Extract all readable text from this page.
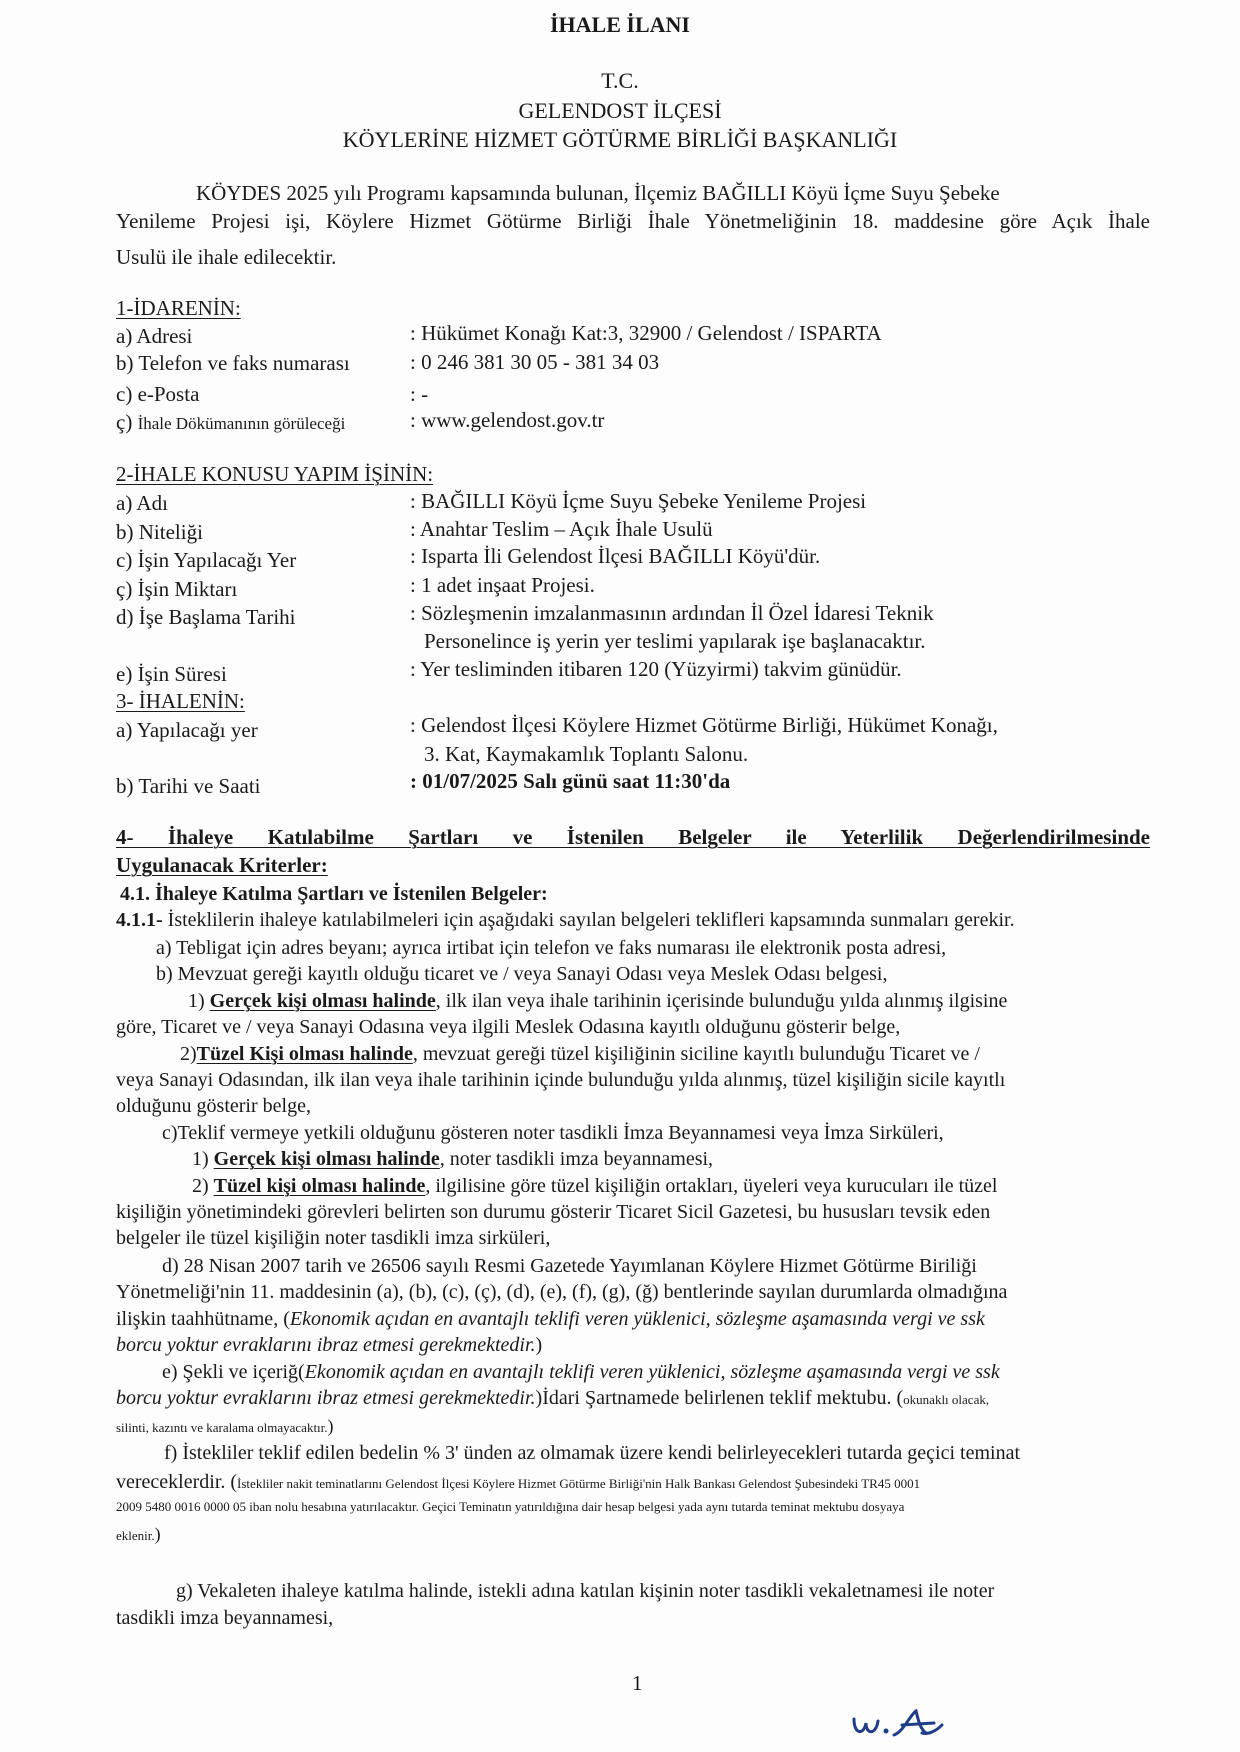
İHALE İLANI
T.C.
GELENDOST İLÇESİ
KÖYLERİNE HİZMET GÖTÜRME BİRLİĞİ BAŞKANLIĞI
KÖYDES 2025 yılı Programı kapsamında bulunan, İlçemiz BAĞILLI Köyü İçme Suyu Şebeke
Yenileme Projesi işi, Köylere Hizmet Götürme Birliği İhale Yönetmeliğinin 18. maddesine göre Açık İhale
Usulü ile ihale edilecektir.
1-İDARENİN:
a) Adresi	: Hükümet Konağı Kat:3, 32900 / Gelendost / ISPARTA
b) Telefon ve faks numarası	: 0 246 381 30 05 - 381 34 03
c) e-Posta	: -
ç) İhale Dökümanının görüleceği	: www.gelendost.gov.tr
2-İHALE KONUSU YAPIM İŞİNİN:
a) Adı	: BAĞILLI Köyü İçme Suyu Şebeke Yenileme Projesi
b) Niteliği	: Anahtar Teslim – Açık İhale Usulü
c) İşin Yapılacağı Yer	: Isparta İli Gelendost İlçesi BAĞILLI Köyü'dür.
ç) İşin Miktarı	: 1 adet inşaat Projesi.
d) İşe Başlama Tarihi	: Sözleşmenin imzalanmasının ardından İl Özel İdaresi Teknik
Personelince iş yerin yer teslimi yapılarak işe başlanacaktır.
e) İşin Süresi	: Yer tesliminden itibaren 120 (Yüzyirmi) takvim günüdür.
3- İHALENİN:
a) Yapılacağı yer	: Gelendost İlçesi Köylere Hizmet Götürme Birliği, Hükümet Konağı,
3. Kat, Kaymakamlık Toplantı Salonu.
b) Tarihi ve Saati	: 01/07/2025 Salı günü saat 11:30'da
4- İhaleye Katılabilme Şartları ve İstenilen Belgeler ile Yeterlilik Değerlendirilmesinde
Uygulanacak Kriterler:
4.1. İhaleye Katılma Şartları ve İstenilen Belgeler:
4.1.1- İsteklilerin ihaleye katılabilmeleri için aşağıdaki sayılan belgeleri teklifleri kapsamında sunmaları gerekir.
a) Tebligat için adres beyanı; ayrıca irtibat için telefon ve faks numarası ile elektronik posta adresi,
b) Mevzuat gereği kayıtlı olduğu ticaret ve / veya Sanayi Odası veya Meslek Odası belgesi,
1) Gerçek kişi olması halinde, ilk ilan veya ihale tarihinin içerisinde bulunduğu yılda alınmış ilgisine
göre, Ticaret ve / veya Sanayi Odasına veya ilgili Meslek Odasına kayıtlı olduğunu gösterir belge,
2)Tüzel Kişi olması halinde, mevzuat gereği tüzel kişiliğinin siciline kayıtlı bulunduğu Ticaret ve /
veya Sanayi Odasından, ilk ilan veya ihale tarihinin içinde bulunduğu yılda alınmış, tüzel kişiliğin sicile kayıtlı
olduğunu gösterir belge,
c)Teklif vermeye yetkili olduğunu gösteren noter tasdikli İmza Beyannamesi veya İmza Sirküleri,
1) Gerçek kişi olması halinde, noter tasdikli imza beyannamesi,
2) Tüzel kişi olması halinde, ilgilisine göre tüzel kişiliğin ortakları, üyeleri veya kurucuları ile tüzel
kişiliğin yönetimindeki görevleri belirten son durumu gösterir Ticaret Sicil Gazetesi, bu hususları tevsik eden
belgeler ile tüzel kişiliğin noter tasdikli imza sirküleri,
d) 28 Nisan 2007 tarih ve 26506 sayılı Resmi Gazetede Yayımlanan Köylere Hizmet Götürme Biriliği
Yönetmeliği'nin 11. maddesinin (a), (b), (c), (ç), (d), (e), (f), (g), (ğ) bentlerinde sayılan durumlarda olmadığına
ilişkin taahhütname, (Ekonomik açıdan en avantajlı teklifi veren yüklenici, sözleşme aşamasında vergi ve ssk
borcu yoktur evraklarını ibraz etmesi gerekmektedir.)
e) Şekli ve içeriğ(Ekonomik açıdan en avantajlı teklifi veren yüklenici, sözleşme aşamasında vergi ve ssk
borcu yoktur evraklarını ibraz etmesi gerekmektedir.)İdari Şartnamede belirlenen teklif mektubu. (okunaklı olacak,
silinti, kazıntı ve karalama olmayacaktır.)
f) İstekliler teklif edilen bedelin % 3' ünden az olmamak üzere kendi belirleyecekleri tutarda geçici teminat
vereceklerdir. (İstekliler nakit teminatlarını Gelendost İlçesi Köylere Hizmet Götürme Birliği'nin Halk Bankası Gelendost Şubesindeki TR45 0001
2009 5480 0016 0000 05 iban nolu hesabına yatırılacaktır. Geçici Teminatın yatırıldığına dair hesap belgesi yada aynı tutarda teminat mektubu dosyaya
eklenir.)
g) Vekaleten ihaleye katılma halinde, istekli adına katılan kişinin noter tasdikli vekaletnamesi ile noter
tasdikli imza beyannamesi,
1
